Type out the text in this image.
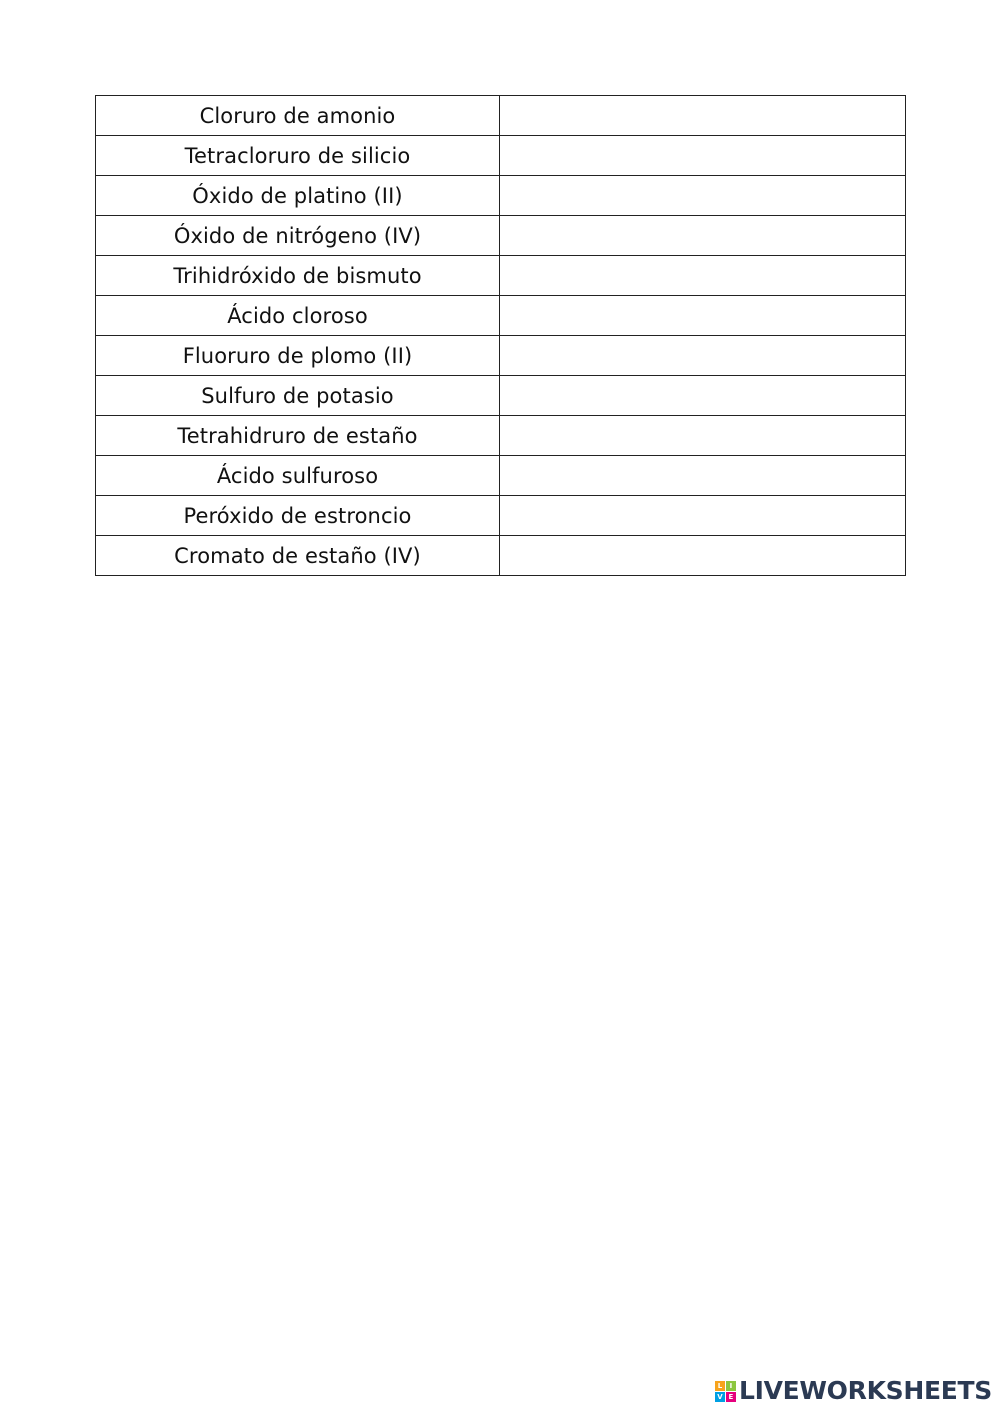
Cloruro de amonio	
Tetracloruro de silicio	
Óxido de platino (II)	
Óxido de nitrógeno (IV)	
Trihidróxido de bismuto	
Ácido cloroso	
Fluoruro de plomo (II)	
Sulfuro de potasio	
Tetrahidruro de estaño	
Ácido sulfuroso	
Peróxido de estroncio	
Cromato de estaño (IV)	
L	I
V E LIVEWORKSHEETS
